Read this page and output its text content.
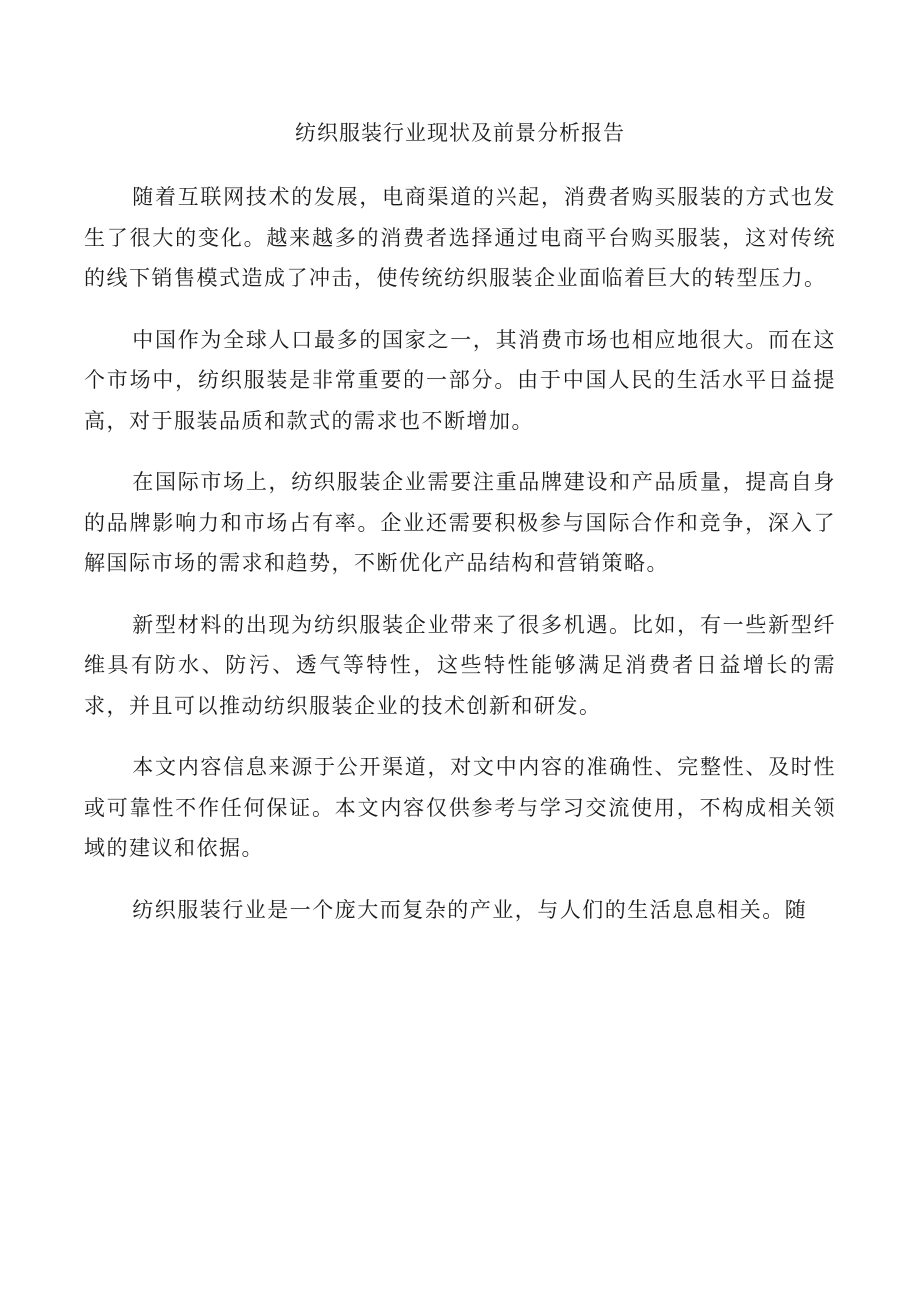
纺织服装行业现状及前景分析报告

随着互联网技术的发展，电商渠道的兴起，消费者购买服装的方式也发生了很大的变化。越来越多的消费者选择通过电商平台购买服装，这对传统的线下销售模式造成了冲击，使传统纺织服装企业面临着巨大的转型压力。

中国作为全球人口最多的国家之一，其消费市场也相应地很大。而在这个市场中，纺织服装是非常重要的一部分。由于中国人民的生活水平日益提高，对于服装品质和款式的需求也不断增加。

在国际市场上，纺织服装企业需要注重品牌建设和产品质量，提高自身的品牌影响力和市场占有率。企业还需要积极参与国际合作和竞争，深入了解国际市场的需求和趋势，不断优化产品结构和营销策略。

新型材料的出现为纺织服装企业带来了很多机遇。比如，有一些新型纤维具有防水、防污、透气等特性，这些特性能够满足消费者日益增长的需求，并且可以推动纺织服装企业的技术创新和研发。

本文内容信息来源于公开渠道，对文中内容的准确性、完整性、及时性或可靠性不作任何保证。本文内容仅供参考与学习交流使用，不构成相关领域的建议和依据。

纺织服装行业是一个庞大而复杂的产业，与人们的生活息息相关。随
